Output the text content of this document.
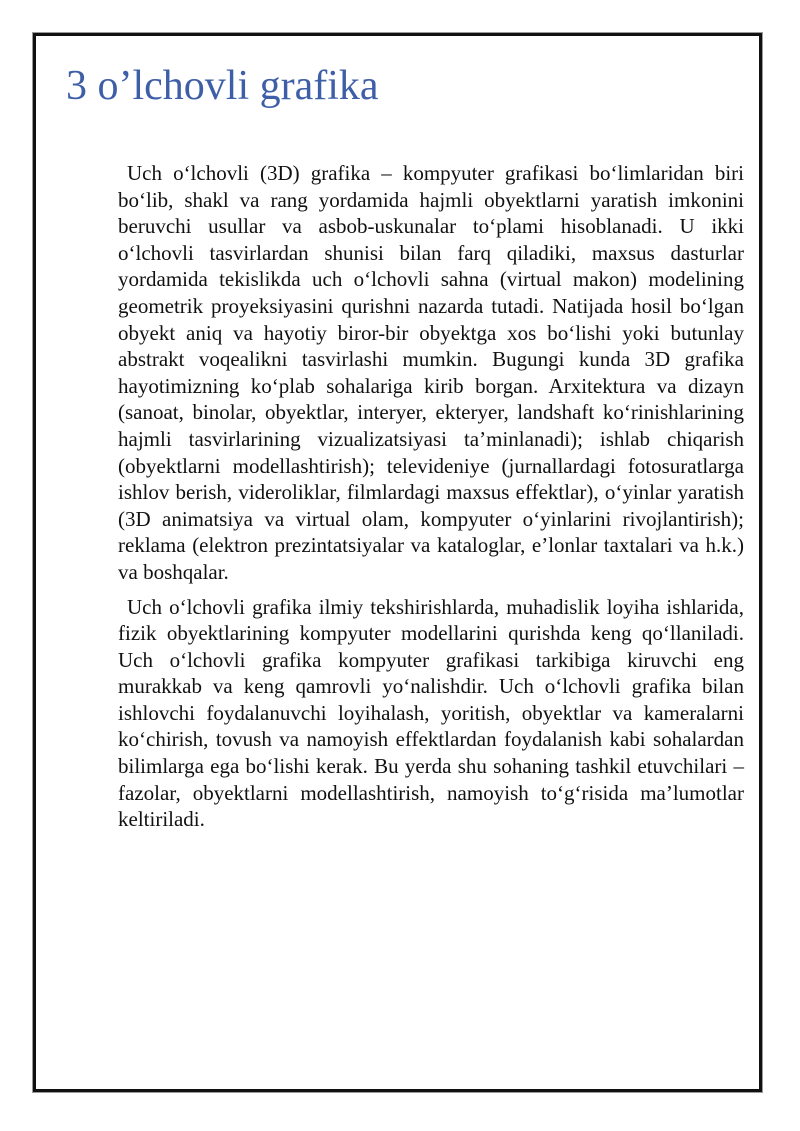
3 o’lchovli grafika

Uch o‘lchovli (3D) grafika – kompyuter grafikasi bo‘limlaridan biri bo‘lib, shakl va rang yordamida hajmli obyektlarni yaratish imkonini beruvchi usullar va asbob-uskunalar to‘plami hisoblanadi. U ikki o‘lchovli tasvirlardan shunisi bilan farq qiladiki, maxsus dasturlar yordamida tekislikda uch o‘lchovli sahna (virtual makon) modelining geometrik proyeksiyasini qurishni nazarda tutadi. Natijada hosil bo‘lgan obyekt aniq va hayotiy biror-bir obyektga xos bo‘lishi yoki butunlay abstrakt voqealikni tasvirlashi mumkin. Bugungi kunda 3D grafika hayotimizning ko‘plab sohalariga kirib borgan. Arxitektura va dizayn (sanoat, binolar, obyektlar, interyer, ekteryer, landshaft ko‘rinishlarining hajmli tasvirlarining vizualizatsiyasi ta’minlanadi); ishlab chiqarish (obyektlarni modellashtirish); televideniye (jurnallardagi fotosuratlarga ishlov berish, videroliklar, filmlardagi maxsus effektlar), o‘yinlar yaratish (3D animatsiya va virtual olam, kompyuter o‘yinlarini rivojlantirish); reklama (elektron prezintatsiyalar va kataloglar, e’lonlar taxtalari va h.k.) va boshqalar.

Uch o‘lchovli grafika ilmiy tekshirishlarda, muhadislik loyiha ishlarida, fizik obyektlarining kompyuter modellarini qurishda keng qo‘llaniladi. Uch o‘lchovli grafika kompyuter grafikasi tarkibiga kiruvchi eng murakkab va keng qamrovli yo‘nalishdir. Uch o‘lchovli grafika bilan ishlovchi foydalanuvchi loyihalash, yoritish, obyektlar va kameralarni ko‘chirish, tovush va namoyish effektlardan foydalanish kabi sohalardan bilimlarga ega bo‘lishi kerak. Bu yerda shu sohaning tashkil etuvchilari – fazolar, obyektlarni modellashtirish, namoyish to‘g‘risida ma’lumotlar keltiriladi.
